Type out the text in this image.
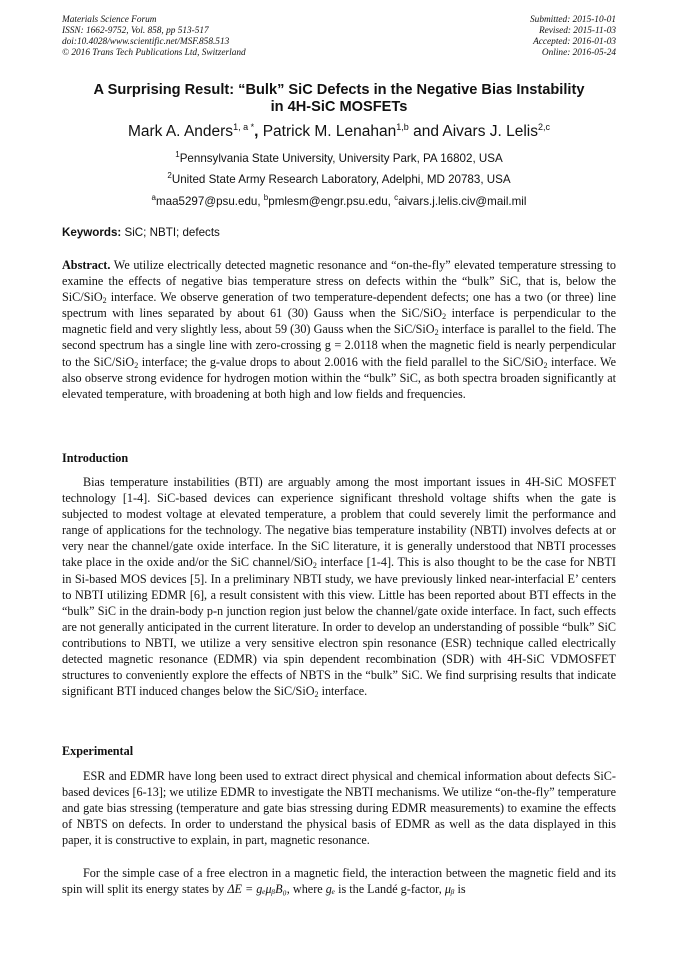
Materials Science Forum
ISSN: 1662-9752, Vol. 858, pp 513-517
doi:10.4028/www.scientific.net/MSF.858.513
© 2016 Trans Tech Publications Ltd, Switzerland
Submitted: 2015-10-01
Revised: 2015-11-03
Accepted: 2016-01-03
Online: 2016-05-24
A Surprising Result: “Bulk” SiC Defects in the Negative Bias Instability
in 4H-SiC MOSFETs
Mark A. Anders$^{1, a *}$, Patrick M. Lenahan$^{1,b}$ and Aivars J. Lelis$^{2,c}$
$^1$Pennsylvania State University, University Park, PA 16802, USA
$^2$United State Army Research Laboratory, Adelphi, MD 20783, USA
$^a$maa5297@psu.edu, $^b$pmlesm@engr.psu.edu, $^c$aivars.j.lelis.civ@mail.mil
Keywords: SiC; NBTI; defects

Abstract. We utilize electrically detected magnetic resonance and “on-the-fly” elevated temperature stressing to examine the effects of negative bias temperature stress on defects within the “bulk” SiC, that is, below the SiC/SiO$_2$ interface. We observe generation of two temperature-dependent defects; one has a two (or three) line spectrum with lines separated by about 61 (30) Gauss when the SiC/SiO$_2$ interface is perpendicular to the magnetic field and very slightly less, about 59 (30) Gauss when the SiC/SiO$_2$ interface is parallel to the field. The second spectrum has a single line with zero-crossing g = 2.0118 when the magnetic field is nearly perpendicular to the SiC/SiO$_2$ interface; the g-value drops to about 2.0016 with the field parallel to the SiC/SiO$_2$ interface. We also observe strong evidence for hydrogen motion within the “bulk” SiC, as both spectra broaden significantly at elevated temperature, with broadening at both high and low fields and frequencies.

Introduction

Bias temperature instabilities (BTI) are arguably among the most important issues in 4H-SiC MOSFET technology [1-4]. SiC-based devices can experience significant threshold voltage shifts when the gate is subjected to modest voltage at elevated temperature, a problem that could severely limit the performance and range of applications for the technology. The negative bias temperature instability (NBTI) involves defects at or very near the channel/gate oxide interface. In the SiC literature, it is generally understood that NBTI processes take place in the oxide and/or the SiC channel/SiO$_2$ interface [1-4]. This is also thought to be the case for NBTI in Si-based MOS devices [5]. In a preliminary NBTI study, we have previously linked near-interfacial E’ centers to NBTI utilizing EDMR [6], a result consistent with this view. Little has been reported about BTI effects in the “bulk” SiC in the drain-body p-n junction region just below the channel/gate oxide interface. In fact, such effects are not generally anticipated in the current literature. In order to develop an understanding of possible “bulk” SiC contributions to NBTI, we utilize a very sensitive electron spin resonance (ESR) technique called electrically detected magnetic resonance (EDMR) via spin dependent recombination (SDR) with 4H-SiC VDMOSFET structures to conveniently explore the effects of NBTS in the “bulk” SiC. We find surprising results that indicate significant BTI induced changes below the SiC/SiO$_2$ interface.

Experimental

ESR and EDMR have long been used to extract direct physical and chemical information about defects SiC-based devices [6-13]; we utilize EDMR to investigate the NBTI mechanisms. We utilize “on-the-fly” temperature and gate bias stressing (temperature and gate bias stressing during EDMR measurements) to examine the effects of NBTS on defects. In order to understand the physical basis of EDMR as well as the data displayed in this paper, it is constructive to explain, in part, magnetic resonance.

For the simple case of a free electron in a magnetic field, the interaction between the magnetic field and its spin will split its energy states by ΔE = gₑμᵦB₀, where gₑ is the Landé g-factor, μᵦ is
